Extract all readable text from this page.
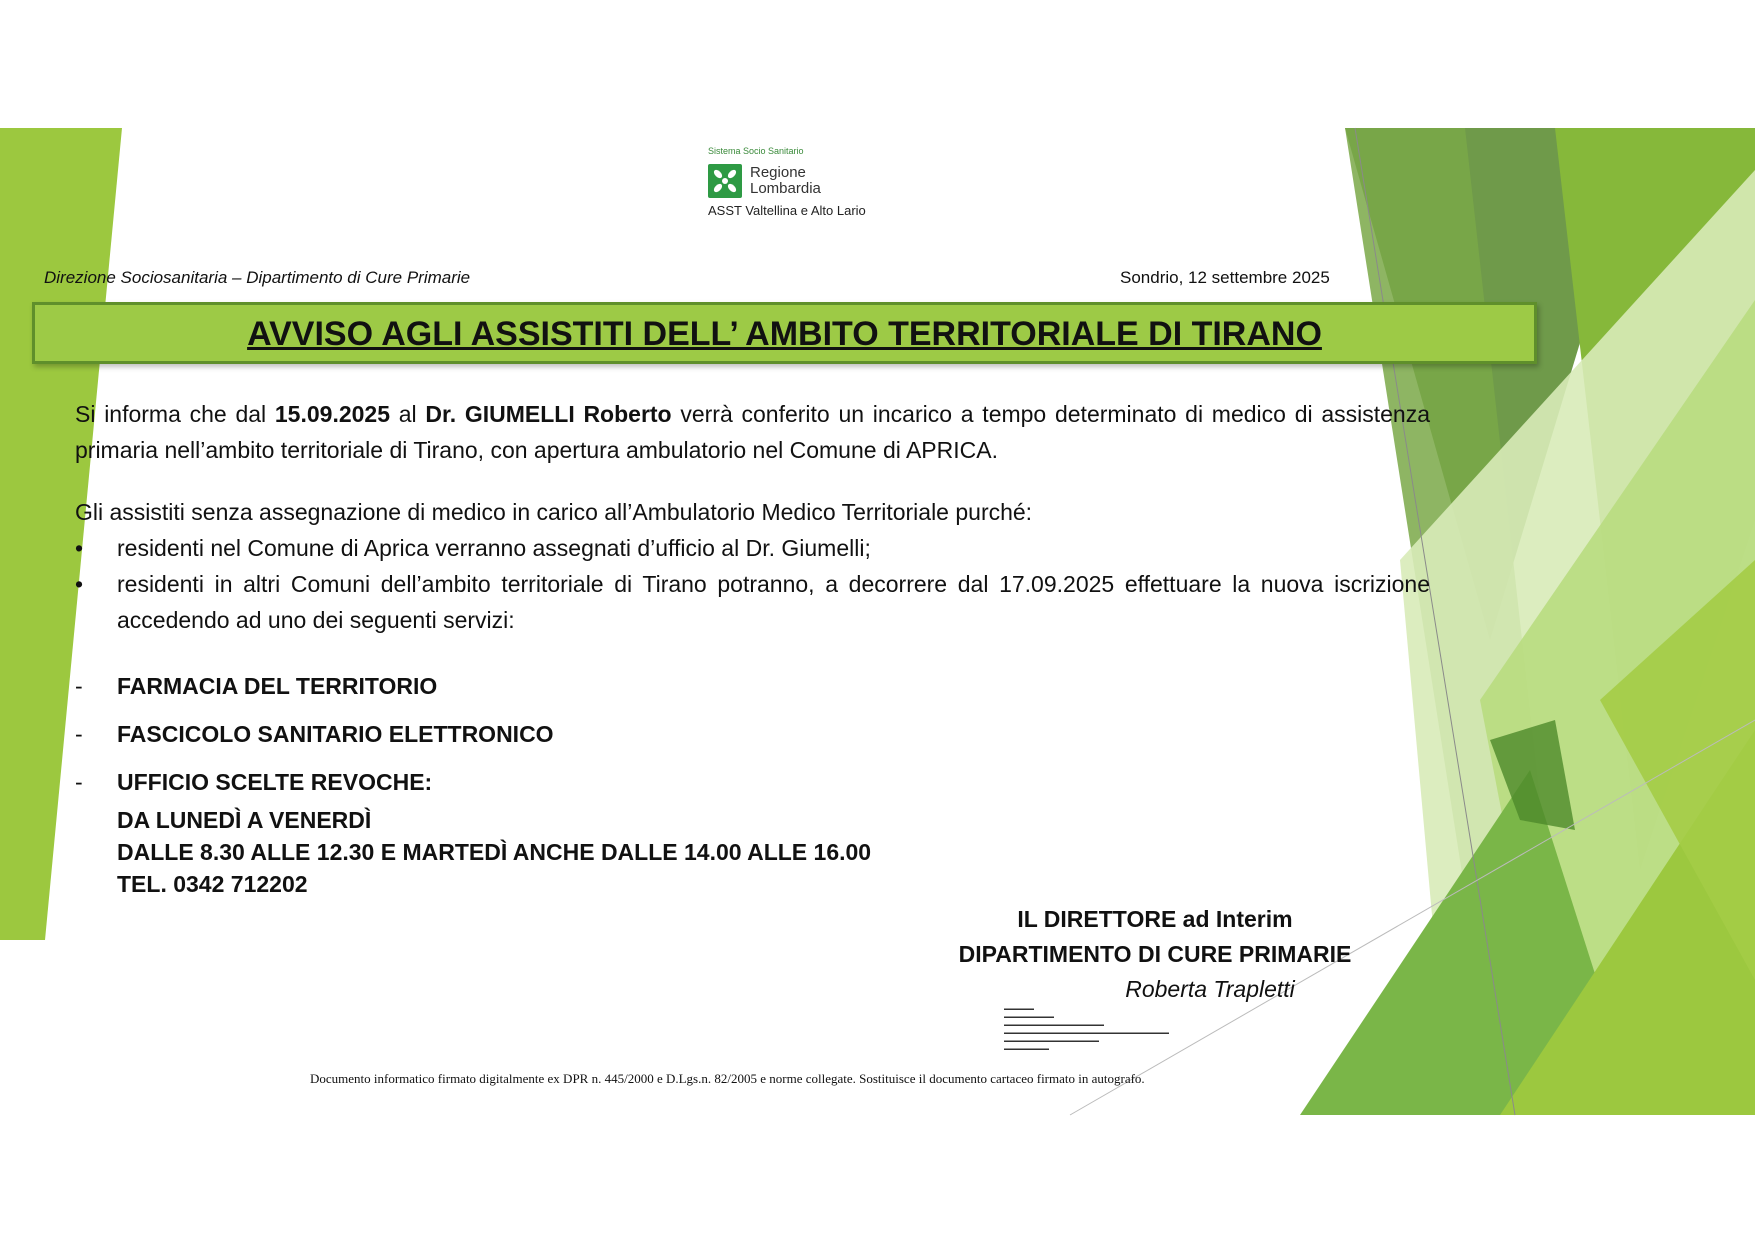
Sistema Socio Sanitario
Regione
Lombardia
ASST Valtellina e Alto Lario
Direzione Sociosanitaria – Dipartimento di Cure Primarie	Sondrio, 12 settembre 2025
AVVISO AGLI ASSISTITI DELL’ AMBITO TERRITORIALE DI TIRANO
Si informa che dal 15.09.2025 al Dr. GIUMELLI Roberto verrà conferito un incarico a tempo determinato di medico di assistenza primaria nell’ambito territoriale di Tirano, con apertura ambulatorio nel Comune di APRICA.
Gli assistiti senza assegnazione di medico in carico all’Ambulatorio Medico Territoriale purché:
• residenti nel Comune di Aprica verranno assegnati d’ufficio al Dr. Giumelli;
• residenti in altri Comuni dell’ambito territoriale di Tirano potranno, a decorrere dal 17.09.2025 effettuare la nuova iscrizione accedendo ad uno dei seguenti servizi:
- FARMACIA DEL TERRITORIO
- FASCICOLO SANITARIO ELETTRONICO
- UFFICIO SCELTE REVOCHE:
DA LUNEDÌ A VENERDÌ
DALLE 8.30 ALLE 12.30 E MARTEDÌ ANCHE DALLE 14.00 ALLE 16.00
TEL. 0342 712202
IL DIRETTORE ad Interim
DIPARTIMENTO DI CURE PRIMARIE
Roberta Trapletti
▬▬▬▬▬▬
▬▬▬▬▬▬▬▬▬▬
▬▬▬▬▬▬▬▬▬▬▬▬▬▬▬▬▬▬▬▬
▬▬▬▬▬▬▬▬▬▬▬▬▬▬▬▬▬▬▬▬▬▬▬▬▬▬▬▬▬▬▬▬▬
▬▬▬▬▬▬▬▬▬▬▬▬▬▬▬▬▬▬▬
▬▬▬▬▬▬▬▬▬
Documento informatico firmato digitalmente ex DPR n. 445/2000 e D.Lgs.n. 82/2005 e norme collegate. Sostituisce il documento cartaceo firmato in autografo.
